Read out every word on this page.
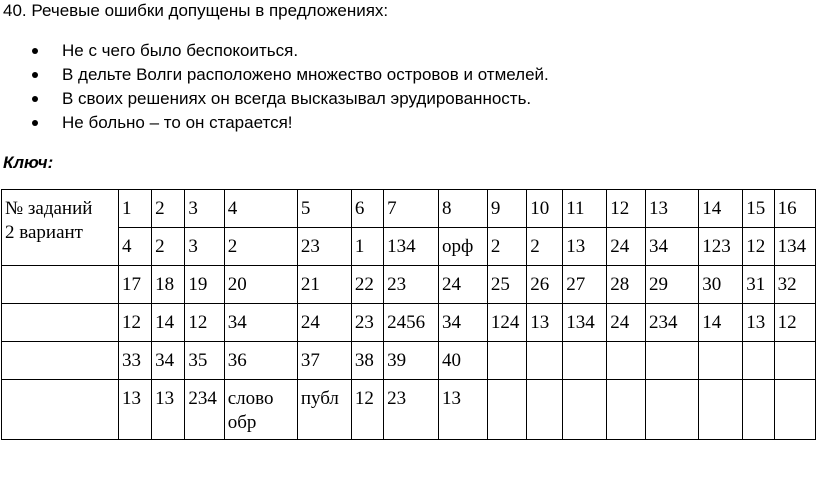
40. Речевые ошибки допущены в предложениях:
Не с чего было беспокоиться.
В дельте Волги расположено множество островов и отмелей.
В своих решениях он всегда высказывал эрудированность.
Не больно – то он старается!
Ключ:
№ заданий
2 вариант	1	2	3	4	5	6	7	8	9	10	11	12	13	14	15	16
	4	2	3	2	23	1	134	орф	2	2	13	24	34	123	12	134
	17	18	19	20	21	22	23	24	25	26	27	28	29	30	31	32
	12	14	12	34	24	23	2456	34	124	13	134	24	234	14	13	12
	33	34	35	36	37	38	39	40								
	13	13	234	слово обр	публ	12	23	13								
